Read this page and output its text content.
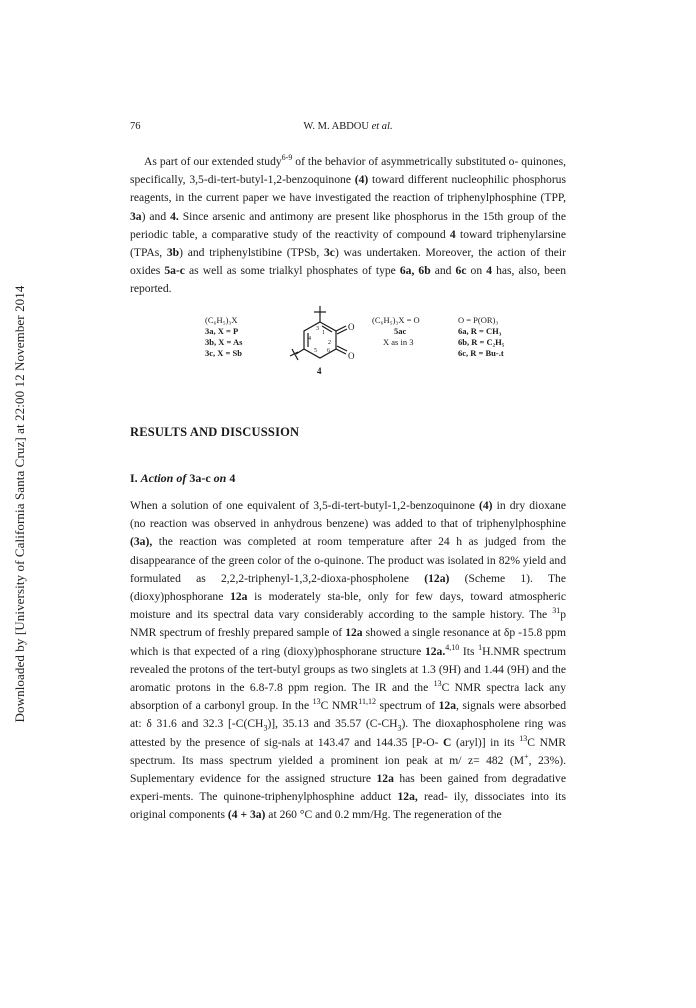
Downloaded by [University of California Santa Cruz] at 22:00 12 November 2014
76	W. M. ABDOU et al.
As part of our extended study$^{6-9}$ of the behavior of asymmetrically substituted o- quinones, specifically, 3,5-di-tert-butyl-1,2-benzoquinone (4) toward different nucleophilic phosphorus reagents, in the current paper we have investigated the reaction of triphenylphosphine (TPP, 3a) and 4. Since arsenic and antimony are present like phosphorus in the 15th group of the periodic table, a comparative study of the reactivity of compound 4 toward triphenylarsine (TPAs, 3b) and triphenylstibine (TPSb, 3c) was undertaken. Moreover, the action of their oxides 5a-c as well as some trialkyl phosphates of type 6a, 6b and 6c on 4 has, also, been reported.
(C₆H₅)₃X
3a, X = P
3b, X = As
3c, X = Sb
O
O
4
1
2
3
4
5 6
(C₆H₅)₃X = O
5ac
X as in 3
O = P(OR)₃
6a, R = CH₃
6b, R = C₂H₅
6c, R = Bu-.t
RESULTS AND DISCUSSION
I. Action of 3a-c on 4
When a solution of one equivalent of 3,5-di-tert-butyl-1,2-benzoquinone (4) in dry dioxane (no reaction was observed in anhydrous benzene) was added to that of triphenylphosphine (3a), the reaction was completed at room temperature after 24 h as judged from the disappearance of the green color of the o-quinone. The product was isolated in 82% yield and formulated as 2,2,2-triphenyl-1,3,2-dioxa-phospholene (12a) (Scheme 1). The (dioxy)phosphorane 12a is moderately sta-ble, only for few days, toward atmospheric moisture and its spectral data vary considerably according to the sample history. The $^{31}$p NMR spectrum of freshly prepared sample of 12a showed a single resonance at δp -15.8 ppm which is that expected of a ring (dioxy)phosphorane structure 12a.$^{4,10}$ Its $^1$H.NMR spectrum revealed the protons of the tert-butyl groups as two singlets at 1.3 (9H) and 1.44 (9H) and the aromatic protons in the 6.8-7.8 ppm region. The IR and the $^{13}$C NMR spectra lack any absorption of a carbonyl group. In the $^{13}$C NMR$^{11,12}$ spectrum of 12a, signals were absorbed at: δ 31.6 and 32.3 $[-C(CH_3)]$, 35.13 and 35.57 $(C-CH_3)$. The dioxaphospholene ring was attested by the presence of sig-nals at 143.47 and 144.35 [P-O- C (aryl)] in its $^{13}$C NMR spectrum. Its mass spectrum yielded a prominent ion peak at m/ z= 482 (M+, 23%). Suplementary evidence for the assigned structure 12a has been gained from degradative experi-ments. The quinone-triphenylphosphine adduct 12a, read- ily, dissociates into its original components (4 + 3a) at 260 °C and 0.2 mm/Hg. The regeneration of the
